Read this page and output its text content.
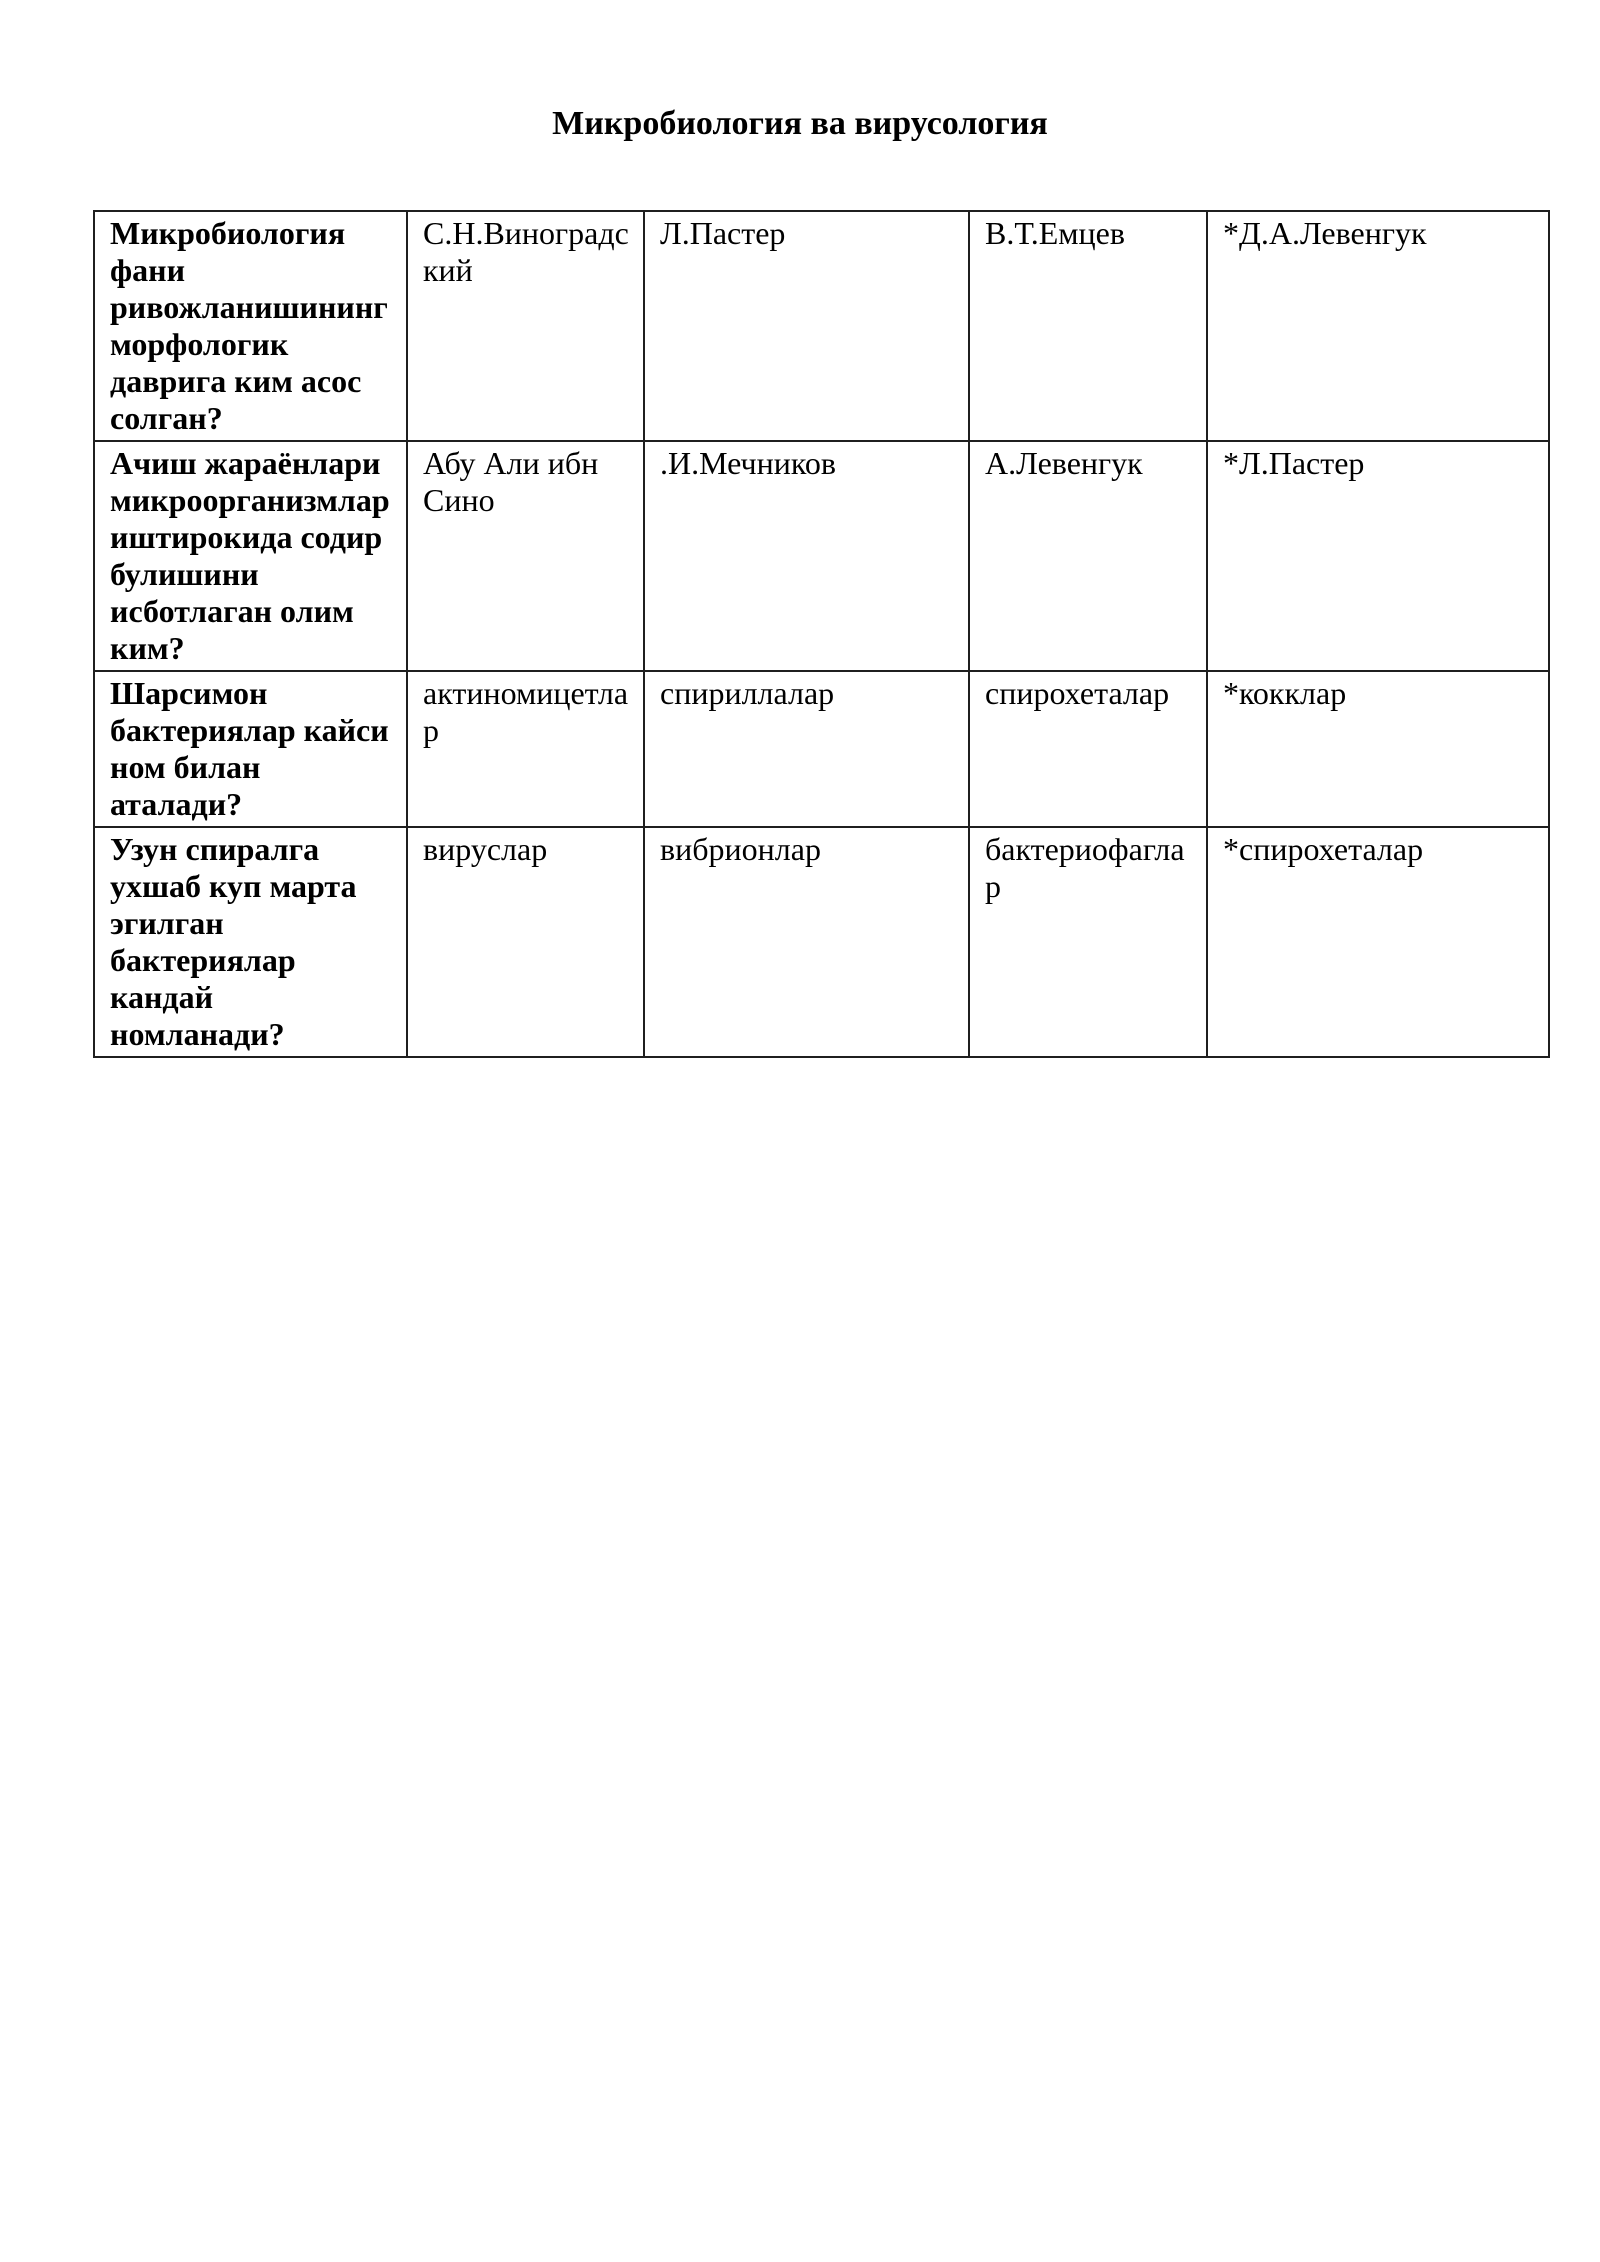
Микробиология ва вирусология
Микробиология фани ривожланишининг морфологик даврига ким асос солган?	С.Н.Виноградский	Л.Пастер	В.Т.Емцев	*Д.А.Левенгук
Ачиш жараёнлари микроорганизмлар иштирокида содир булишини исботлаган олим ким?	Абу Али ибн Сино	.И.Мечников	А.Левенгук	*Л.Пастер
Шарсимон бактериялар кайси ном билан аталади?	актиномицетлар	спириллалар	спирохеталар	*кокклар
Узун спиралга ухшаб куп марта эгилган бактериялар кандай номланади?	вируслар	вибрионлар	бактериофаглар	*спирохеталар
